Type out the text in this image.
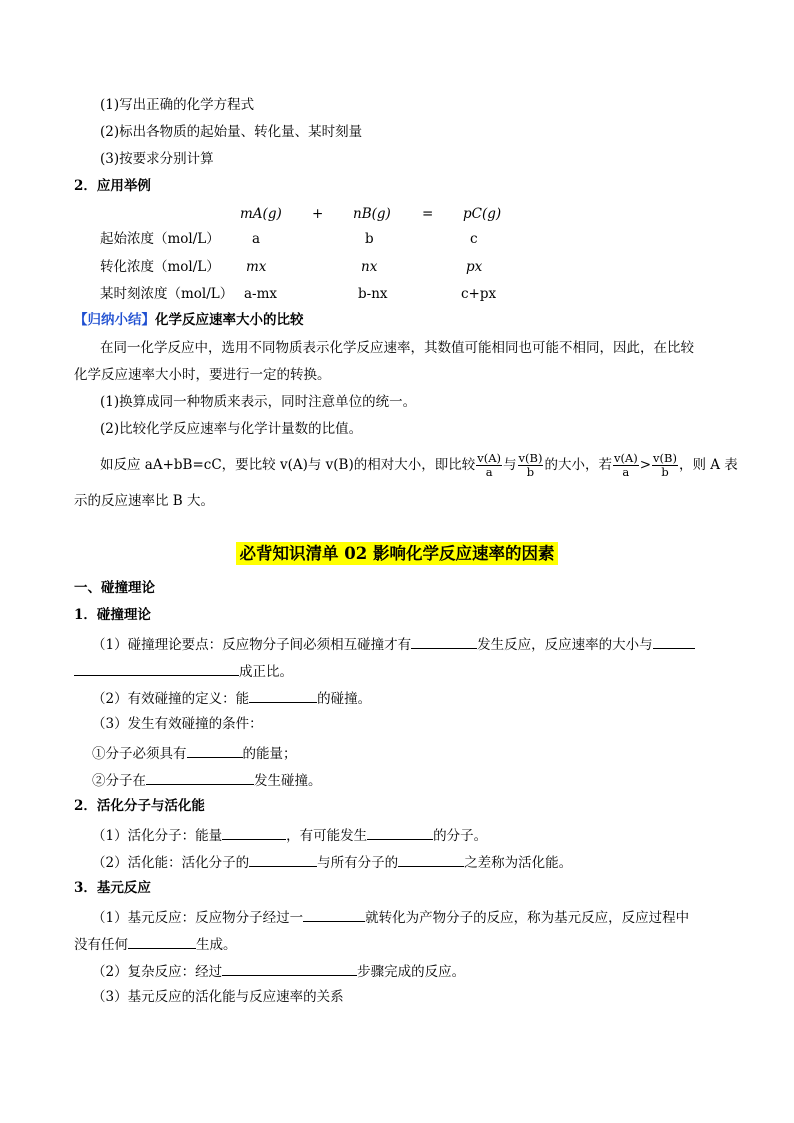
(1)写出正确的化学方程式
(2)标出各物质的起始量、转化量、某时刻量
(3)按要求分别计算
2．应用举例
mA(g) + nB(g) = pC(g)
起始浓度（mol/L） a	b	c
转化浓度（mol/L） mx	nx	px
某时刻浓度（mol/L） a-mx	b-nx	c+px
【归纳小结】化学反应速率大小的比较
在同一化学反应中，选用不同物质表示化学反应速率，其数值可能相同也可能不相同，因此，在比较
化学反应速率大小时，要进行一定的转换。
(1)换算成同一种物质来表示，同时注意单位的统一。
(2)比较化学反应速率与化学计量数的比值。
如反应 aA+bB=cC，要比较 v(A)与 v(B)的相对大小，即比较 $\frac{v(A)}{a}$ 与 $\frac{v(B)}{b}$ 的大小，若 $\frac{v(A)}{a} > \frac{v(B)}{b}$ ，则 A 表
示的反应速率比 B 大。
必背知识清单 02 影响化学反应速率的因素
一、碰撞理论
1．碰撞理论
（1）碰撞理论要点：反应物分子间必须相互碰撞才有	发生反应，反应速率的大小与
成正比。
（2）有效碰撞的定义：能	的碰撞。
（3）发生有效碰撞的条件：
①分子必须具有	的能量；
②分子在	发生碰撞。
2．活化分子与活化能
（1）活化分子：能量	，有可能发生	的分子。
（2）活化能：活化分子的	与所有分子的	之差称为活化能。
3．基元反应
（1）基元反应：反应物分子经过一	就转化为产物分子的反应，称为基元反应，反应过程中
没有任何	生成。
（2）复杂反应：经过	步骤完成的反应。
（3）基元反应的活化能与反应速率的关系
